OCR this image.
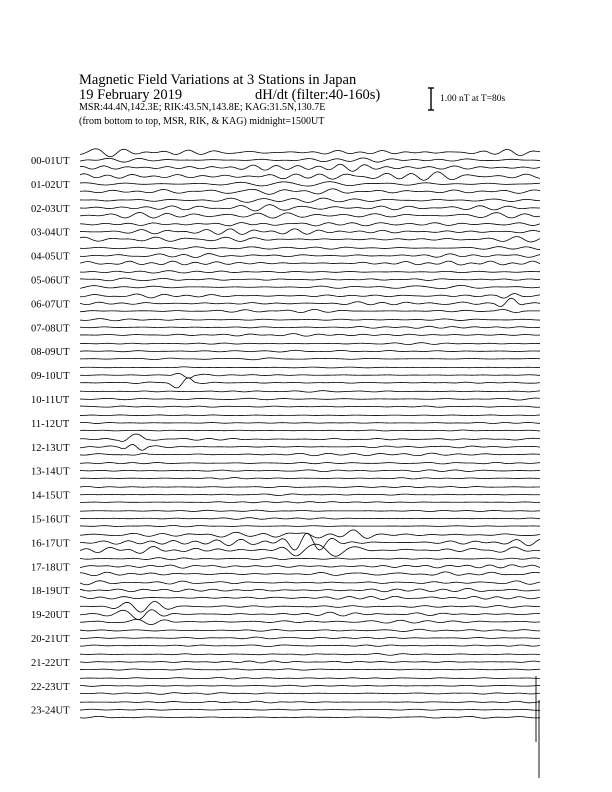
Magnetic Field Variations at 3 Stations in Japan
19 February 2019	dH/dt (filter:40-160s)
MSR:44.4N,142.3E; RIK:43.5N,143.8E; KAG:31.5N,130.7E
(from bottom to top, MSR, RIK, & KAG) midnight=1500UT
1.00 nT at T=80s
00-01UT
01-02UT
02-03UT
03-04UT
04-05UT
05-06UT
06-07UT
07-08UT
08-09UT
09-10UT
10-11UT
11-12UT
12-13UT
13-14UT
14-15UT
15-16UT
16-17UT
17-18UT
18-19UT
19-20UT
20-21UT
21-22UT
22-23UT
23-24UT
